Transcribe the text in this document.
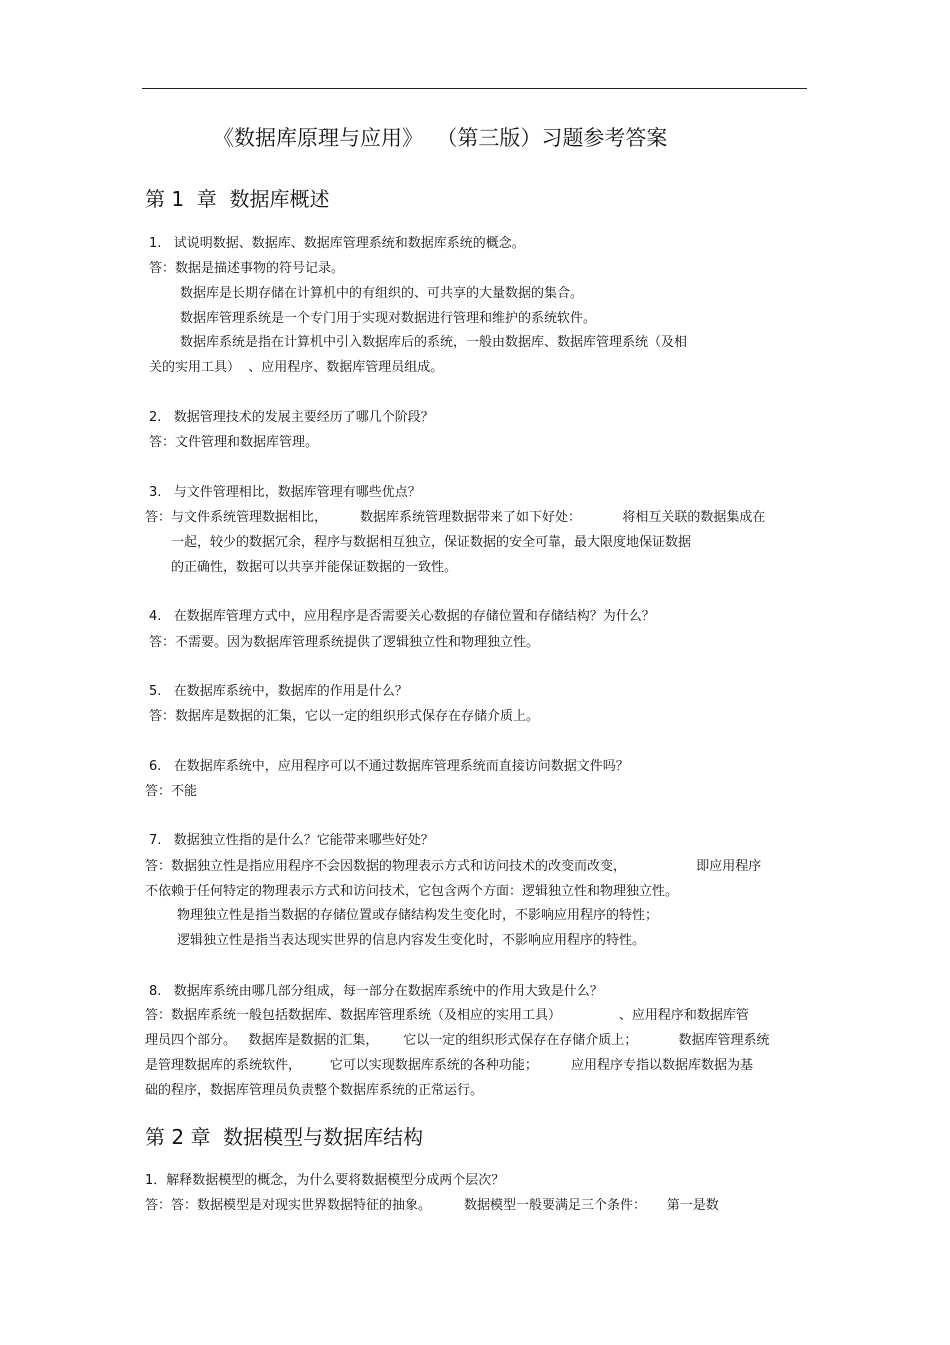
《数据库原理与应用》  （第三版）习题参考答案
第 1  章  数据库概述
1.   试说明数据、数据库、数据库管理系统和数据库系统的概念。
答：数据是描述事物的符号记录。
数据库是长期存储在计算机中的有组织的、可共享的大量数据的集合。
数据库管理系统是一个专门用于实现对数据进行管理和维护的系统软件。
数据库系统是指在计算机中引入数据库后的系统，一般由数据库、数据库管理系统（及相
关的实用工具）  、应用程序、数据库管理员组成。
2.   数据管理技术的发展主要经历了哪几个阶段？
答：文件管理和数据库管理。
3.   与文件管理相比，数据库管理有哪些优点？
答：与文件系统管理数据相比，        数据库系统管理数据带来了如下好处：          将相互关联的数据集成在
一起，较少的数据冗余，程序与数据相互独立，保证数据的安全可靠，最大限度地保证数据
的正确性，数据可以共享并能保证数据的一致性。
4.   在数据库管理方式中，应用程序是否需要关心数据的存储位置和存储结构？为什么？
答：不需要。因为数据库管理系统提供了逻辑独立性和物理独立性。
5.   在数据库系统中，数据库的作用是什么？
答：数据库是数据的汇集，它以一定的组织形式保存在存储介质上。
6.   在数据库系统中，应用程序可以不通过数据库管理系统而直接访问数据文件吗？
答：不能
7.   数据独立性指的是什么？它能带来哪些好处？
答：数据独立性是指应用程序不会因数据的物理表示方式和访问技术的改变而改变，                 即应用程序
不依赖于任何特定的物理表示方式和访问技术，它包含两个方面：逻辑独立性和物理独立性。
物理独立性是指当数据的存储位置或存储结构发生变化时，不影响应用程序的特性；
逻辑独立性是指当表达现实世界的信息内容发生变化时，不影响应用程序的特性。
8.   数据库系统由哪几部分组成，每一部分在数据库系统中的作用大致是什么？
答：数据库系统一般包括数据库、数据库管理系统（及相应的实用工具）              、应用程序和数据库管
理员四个部分。   数据库是数据的汇集，      它以一定的组织形式保存在存储介质上；          数据库管理系统
是管理数据库的系统软件，       它可以实现数据库系统的各种功能；        应用程序专指以数据库数据为基
础的程序，数据库管理员负责整个数据库系统的正常运行。
第 2 章  数据模型与数据库结构
1．解释数据模型的概念，为什么要将数据模型分成两个层次？
答：答：数据模型是对现实世界数据特征的抽象。        数据模型一般要满足三个条件：     第一是数
